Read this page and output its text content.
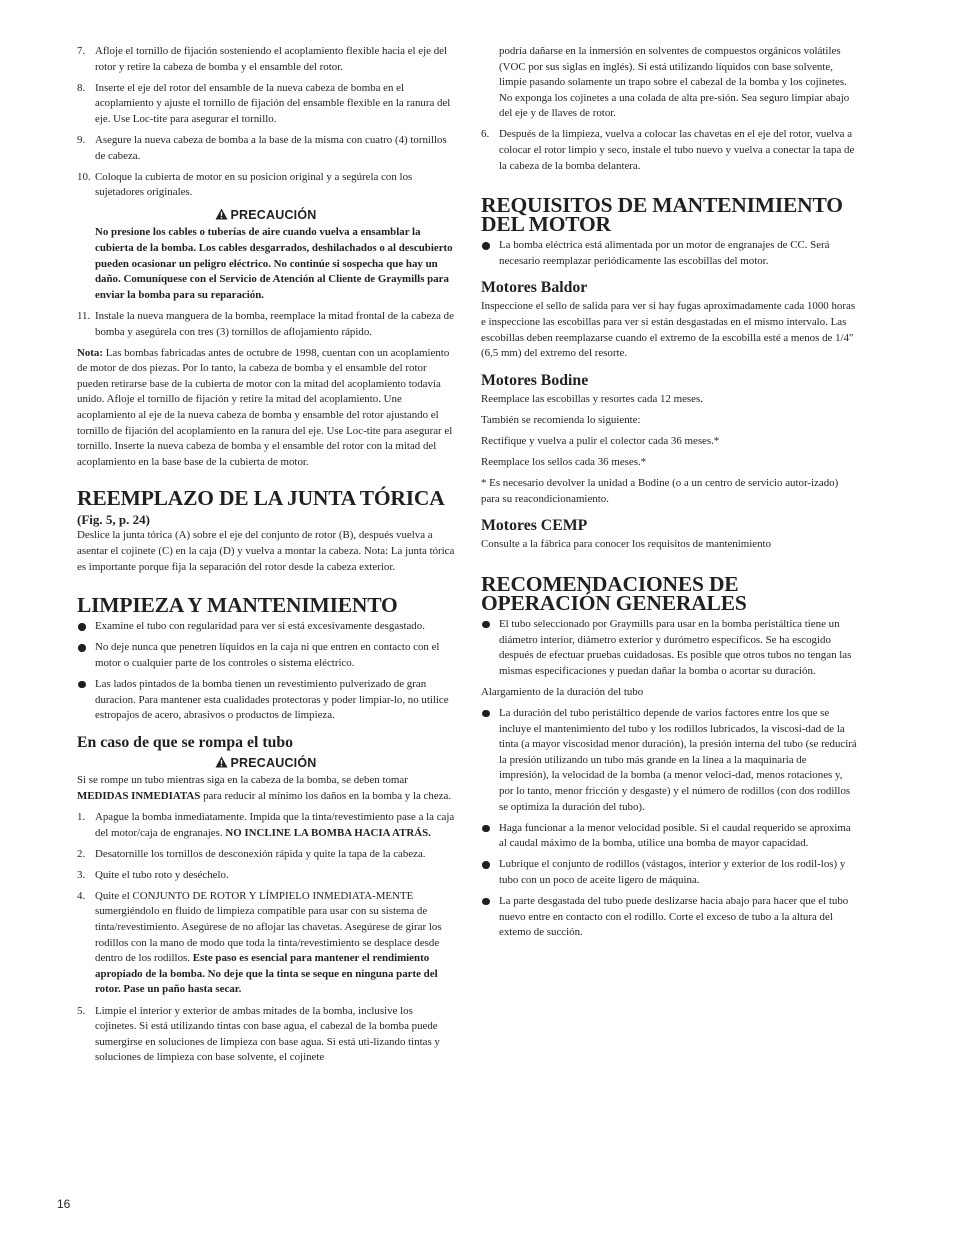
7. Afloje el tornillo de fijación sosteniendo el acoplamiento flexible hacia el eje del rotor y retire la cabeza de bomba y el ensamble del rotor.
8. Inserte el eje del rotor del ensamble de la nueva cabeza de bomba en el acoplamiento y ajuste el tornillo de fijación del ensamble flexible en la ranura del eje. Use Loc-tite para asegurar el tornillo.
9. Asegure la nueva cabeza de bomba a la base de la misma con cuatro (4) tornillos de cabeza.
10. Coloque la cubierta de motor en su posicion original y a segúrela con los sujetadores originales.
PRECAUCIÓN

No presione los cables o tuberías de aire cuando vuelva a ensamblar la cubierta de la bomba. Los cables desgarrados, deshilachados o al descubierto pueden ocasionar un peligro eléctrico. No continúe si sospecha que hay un daño. Comuníquese con el Servicio de Atención al Cliente de Graymills para enviar la bomba para su reparación.

11. Instale la nueva manguera de la bomba, reemplace la mitad frontal de la cabeza de bomba y asegúrela con tres (3) tornillos de aflojamiento rápido.

Nota: Las bombas fabricadas antes de octubre de 1998, cuentan con un acoplamiento de motor de dos piezas. Por lo tanto, la cabeza de bomba y el ensamble del rotor pueden retirarse base de la cubierta de motor con la mitad del acoplamiento todavía unido. Afloje el tornillo de fijación y retire la mitad del acoplamiento. Une acoplamiento al eje de la nueva cabeza de bomba y ensamble del rotor ajustando el tornillo de fijación del acoplamiento en la ranura del eje. Use Loc-tite para asegurar el tornillo. Inserte la nueva cabeza de bomba y el ensamble del rotor con la mitad del acoplamiento en la base base de la cubierta de motor.

REEMPLAZO DE LA JUNTA TÓRICA
(Fig. 5, p. 24)

Deslice la junta tórica (A) sobre el eje del conjunto de rotor (B), después vuelva a asentar el cojinete (C) en la caja (D) y vuelva a montar la cabeza. Nota: La junta tórica es importante porque fija la separación del rotor desde la cabeza exterior.

LIMPIEZA Y MANTENIMIENTO
Examine el tubo con regularidad para ver si está excesivamente desgastado.
No deje nunca que penetren líquidos en la caja ni que entren en contacto con el motor o cualquier parte de los controles o sistema eléctrico.
Las lados pintados de la bomba tienen un revestimiento pulverizado de gran duracion. Para mantener esta cualidades protectoras y poder limpiar-lo, no utilice estropajos de acero, abrasivos o productos de limpieza.
En caso de que se rompa el tubo
PRECAUCIÓN

Si se rompe un tubo mientras siga en la cabeza de la bomba, se deben tomar MEDIDAS INMEDIATAS para reducir al mínimo los daños en la bomba y la cheza.

1. Apague la bomba inmediatamente. Impida que la tinta/revestimiento pase a la caja del motor/caja de engranajes. NO INCLINE LA BOMBA HACIA ATRÁS.
2. Desatornille los tornillos de desconexión rápida y quite la tapa de la cabeza.
3. Quite el tubo roto y deséchelo.
4. Quite el CONJUNTO DE ROTOR Y LÍMPIELO INMEDIATA-MENTE sumergiéndolo en fluido de limpieza compatible para usar con su sistema de tinta/revestimiento. Asegúrese de no aflojar las chavetas. Asegúrese de girar los rodillos con la mano de modo que toda la tinta/revestimiento se desplace desde dentro de los rodillos. Este paso es esencial para mantener el rendimiento apropiado de la bomba. No deje que la tinta se seque en ninguna parte del rotor. Pase un paño hasta secar.
5. Limpie el interior y exterior de ambas mitades de la bomba, inclusive los cojinetes. Si está utilizando tintas con base agua, el cabezal de la bomba puede sumergirse en soluciones de limpieza con base agua. Si está uti-lizando tintas y soluciones de limpieza con base solvente, el cojinete

podría dañarse en la inmersión en solventes de compuestos orgánicos volátiles (VOC por sus siglas en inglés). Si está utilizando líquidos con base solvente, limpie pasando solamente un trapo sobre el cabezal de la bomba y los cojinetes. No exponga los cojinetes a una colada de alta pre-sión. Sea seguro limpiar abajo del eje y de llaves de rotor.

6. Después de la limpieza, vuelva a colocar las chavetas en el eje del rotor, vuelva a colocar el rotor limpio y seco, instale el tubo nuevo y vuelva a conectar la tapa de la cabeza de la bomba delantera.
REQUISITOS DE MANTENIMIENTO DEL MOTOR
La bomba eléctrica está alimentada por un motor de engranajes de CC. Será necesario reemplazar periódicamente las escobillas del motor.
Motores Baldor

Inspeccione el sello de salida para ver si hay fugas aproximadamente cada 1000 horas e inspeccione las escobillas para ver si están desgastadas en el mismo intervalo. Las escobillas deben reemplazarse cuando el extremo de la escobilla esté a menos de 1/4" (6,5 mm) del extremo del resorte.

Motores Bodine

Reemplace las escobillas y resortes cada 12 meses.

También se recomienda lo siguiente:

Rectifique y vuelva a pulir el colector cada 36 meses.*

Reemplace los sellos cada 36 meses.*

* Es necesario devolver la unidad a Bodine (o a un centro de servicio autor-izado) para su reacondicionamiento.

Motores CEMP

Consulte a la fábrica para conocer los requisitos de mantenimiento

RECOMENDACIONES DE OPERACIÓN GENERALES
El tubo seleccionado por Graymills para usar en la bomba peristáltica tiene un diámetro interior, diámetro exterior y durómetro específicos. Se ha escogido después de efectuar pruebas cuidadosas. Es posible que otros tubos no tengan las mismas especificaciones y puedan dañar la bomba o acortar su duración.

Alargamiento de la duración del tubo

La duración del tubo peristáltico depende de varios factores entre los que se incluye el mantenimiento del tubo y los rodillos lubricados, la viscosi-dad de la tinta (a mayor viscosidad menor duración), la presión interna del tubo (se reducirá la presión utilizando un tubo más grande en la línea a la maquinaria de impresión), la velocidad de la bomba (a menor veloci-dad, menos rotaciones y, por lo tanto, menor fricción y desgaste) y el número de rodillos (con dos rodillos se optimiza la duración del tubo).
Haga funcionar a la menor velocidad posible. Si el caudal requerido se aproxima al caudal máximo de la bomba, utilice una bomba de mayor capacidad.
Lubrique el conjunto de rodillos (vástagos, interior y exterior de los rodil-los) y tubo con un poco de aceite ligero de máquina.
La parte desgastada del tubo puede deslizarse hacia abajo para hacer que el tubo nuevo entre en contacto con el rodillo. Corte el exceso de tubo a la altura del extemo de succión.
16
